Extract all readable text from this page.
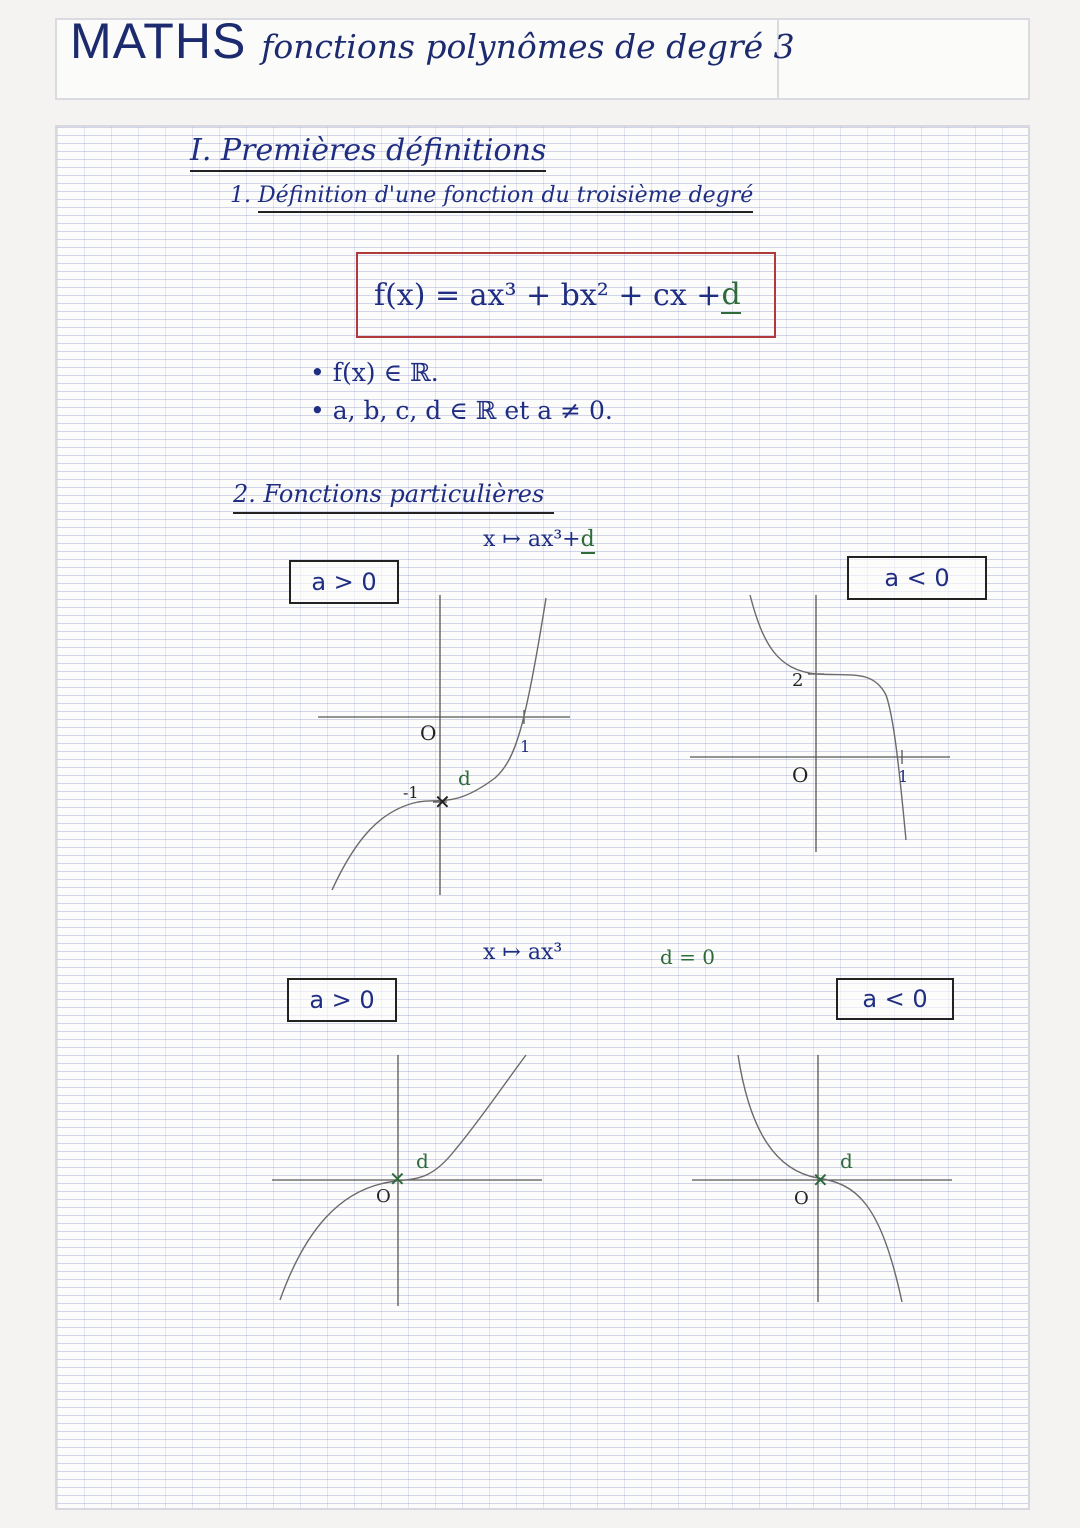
MATHS fonctions polynômes de degré 3
I. Premières définitions
1. Définition d'une fonction du troisième degré
f(x) = ax³ + bx² + cx + d
• f(x) ∈ ℝ.
• a, b, c, d ∈ ℝ et a ≠ 0.
2. Fonctions particulières
x ↦ ax³+d
a > 0	a < 0
O
1
-1 ✕
d	O	1
2
x ↦ ax³	d = 0
a > 0	a < 0
O
✕
d
O
✕
d
